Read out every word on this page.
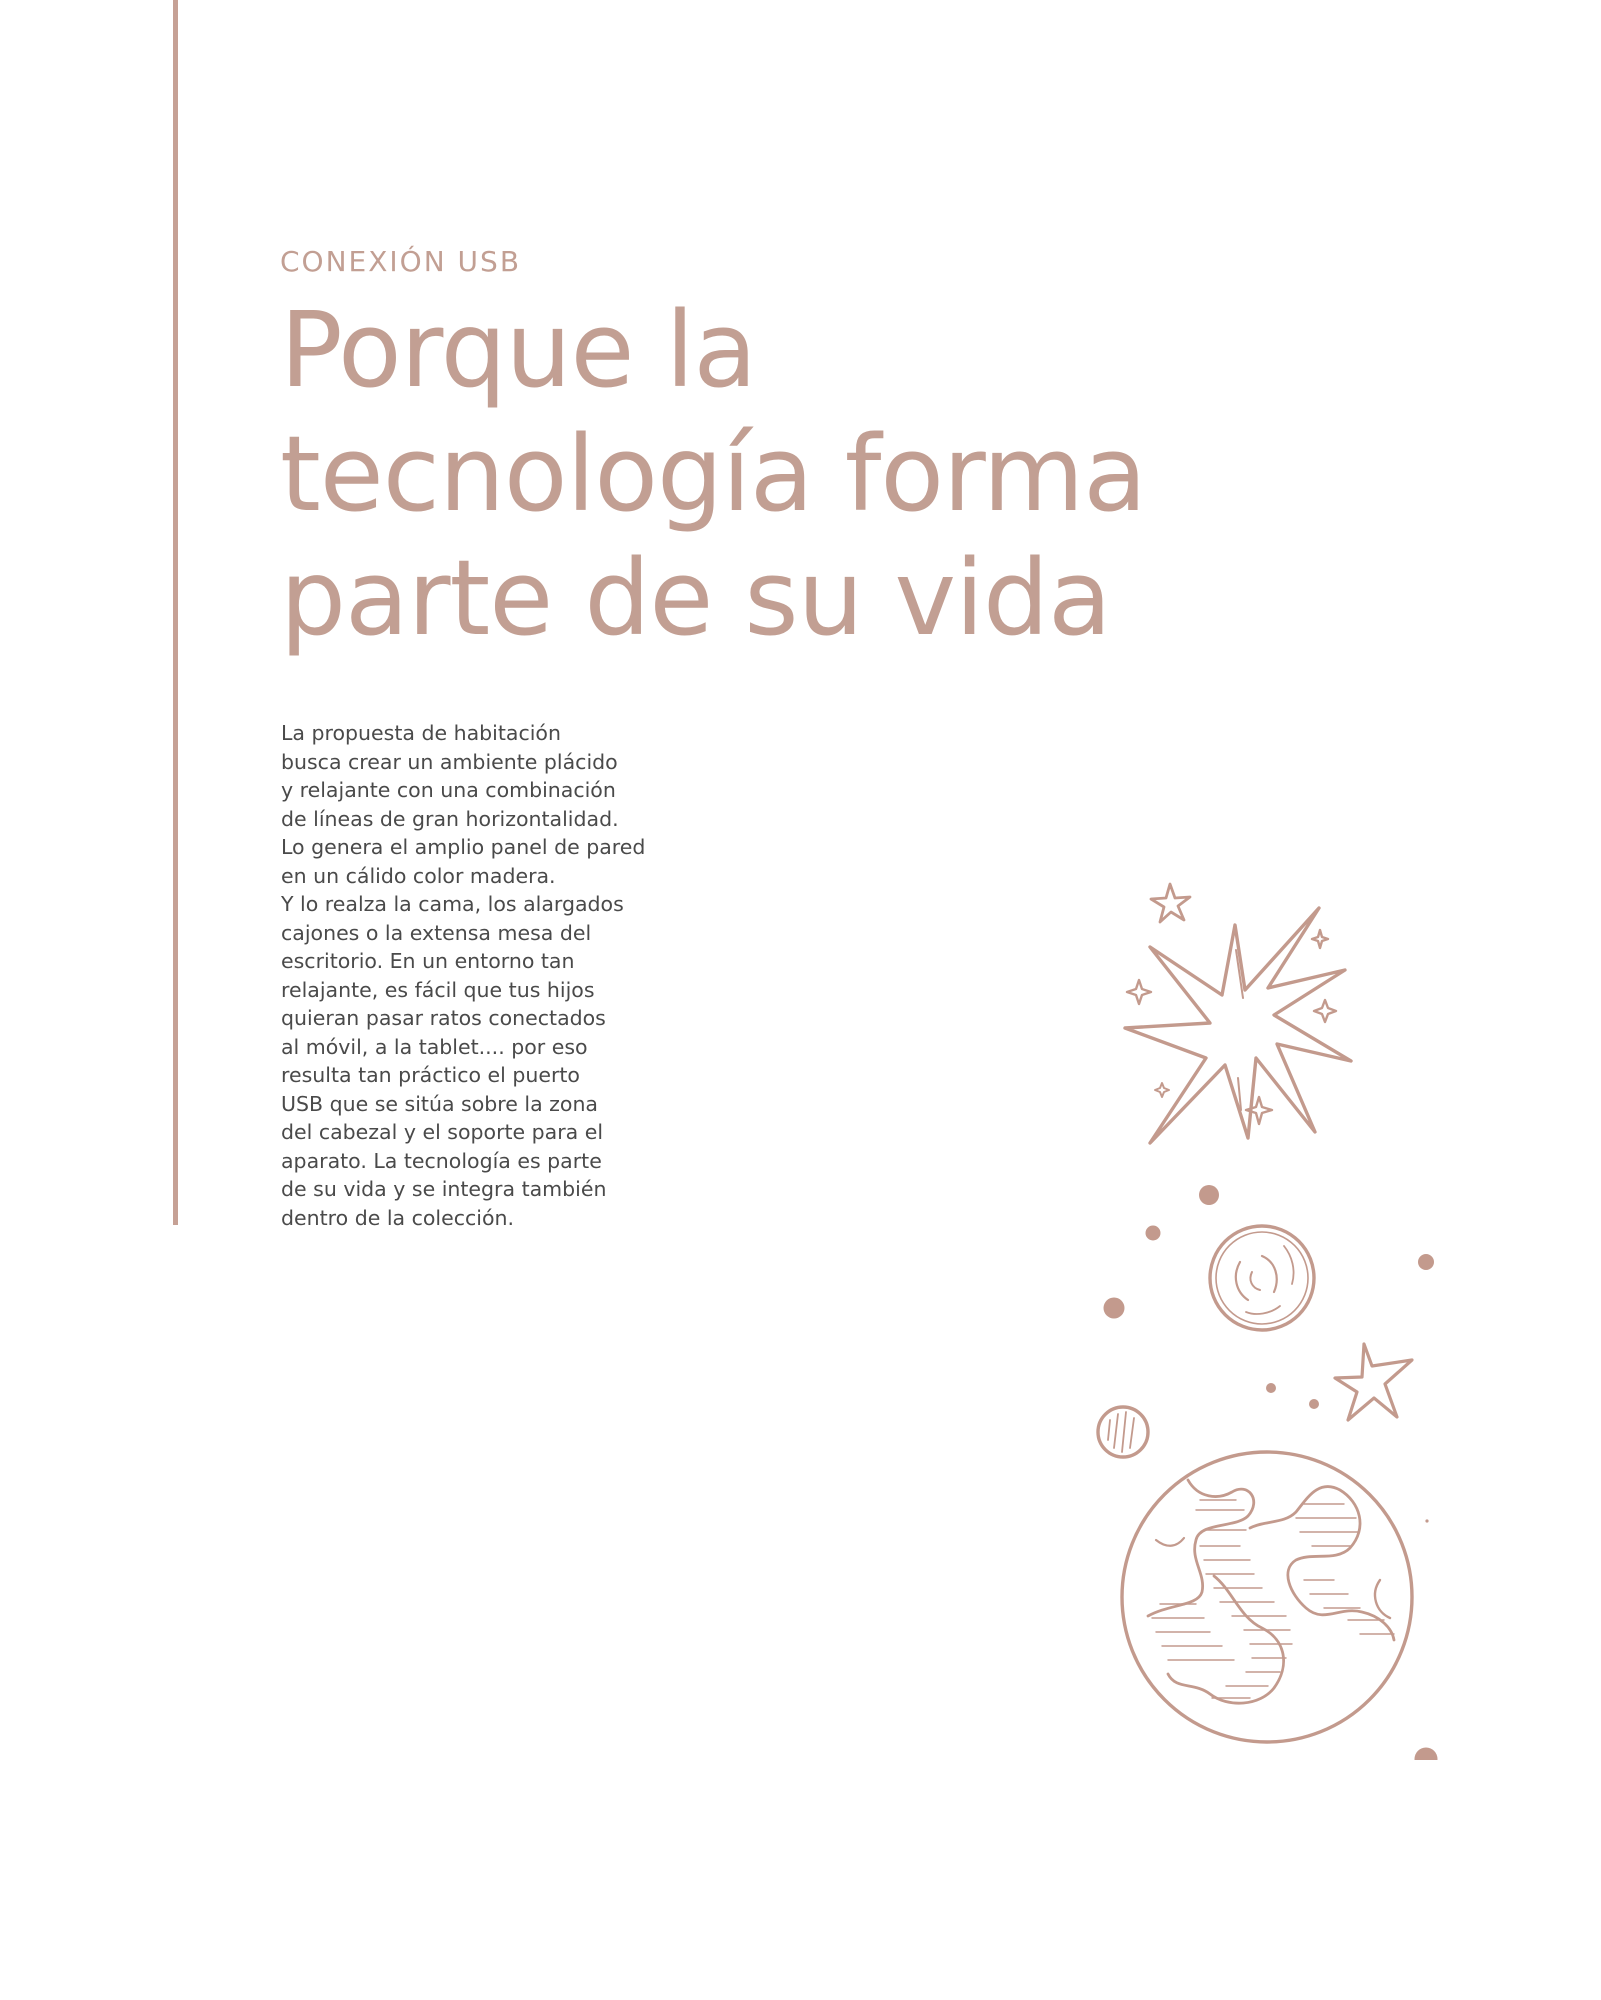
CONEXIÓN USB

Porque la
tecnología forma
parte de su vida

La propuesta de habitación
busca crear un ambiente plácido
y relajante con una combinación
de líneas de gran horizontalidad.
Lo genera el amplio panel de pared
en un cálido color madera.
Y lo realza la cama, los alargados
cajones o la extensa mesa del
escritorio. En un entorno tan
relajante, es fácil que tus hijos
quieran pasar ratos conectados
al móvil, a la tablet.... por eso
resulta tan práctico el puerto
USB que se sitúa sobre la zona
del cabezal y el soporte para el
aparato. La tecnología es parte
de su vida y se integra también
dentro de la colección.
